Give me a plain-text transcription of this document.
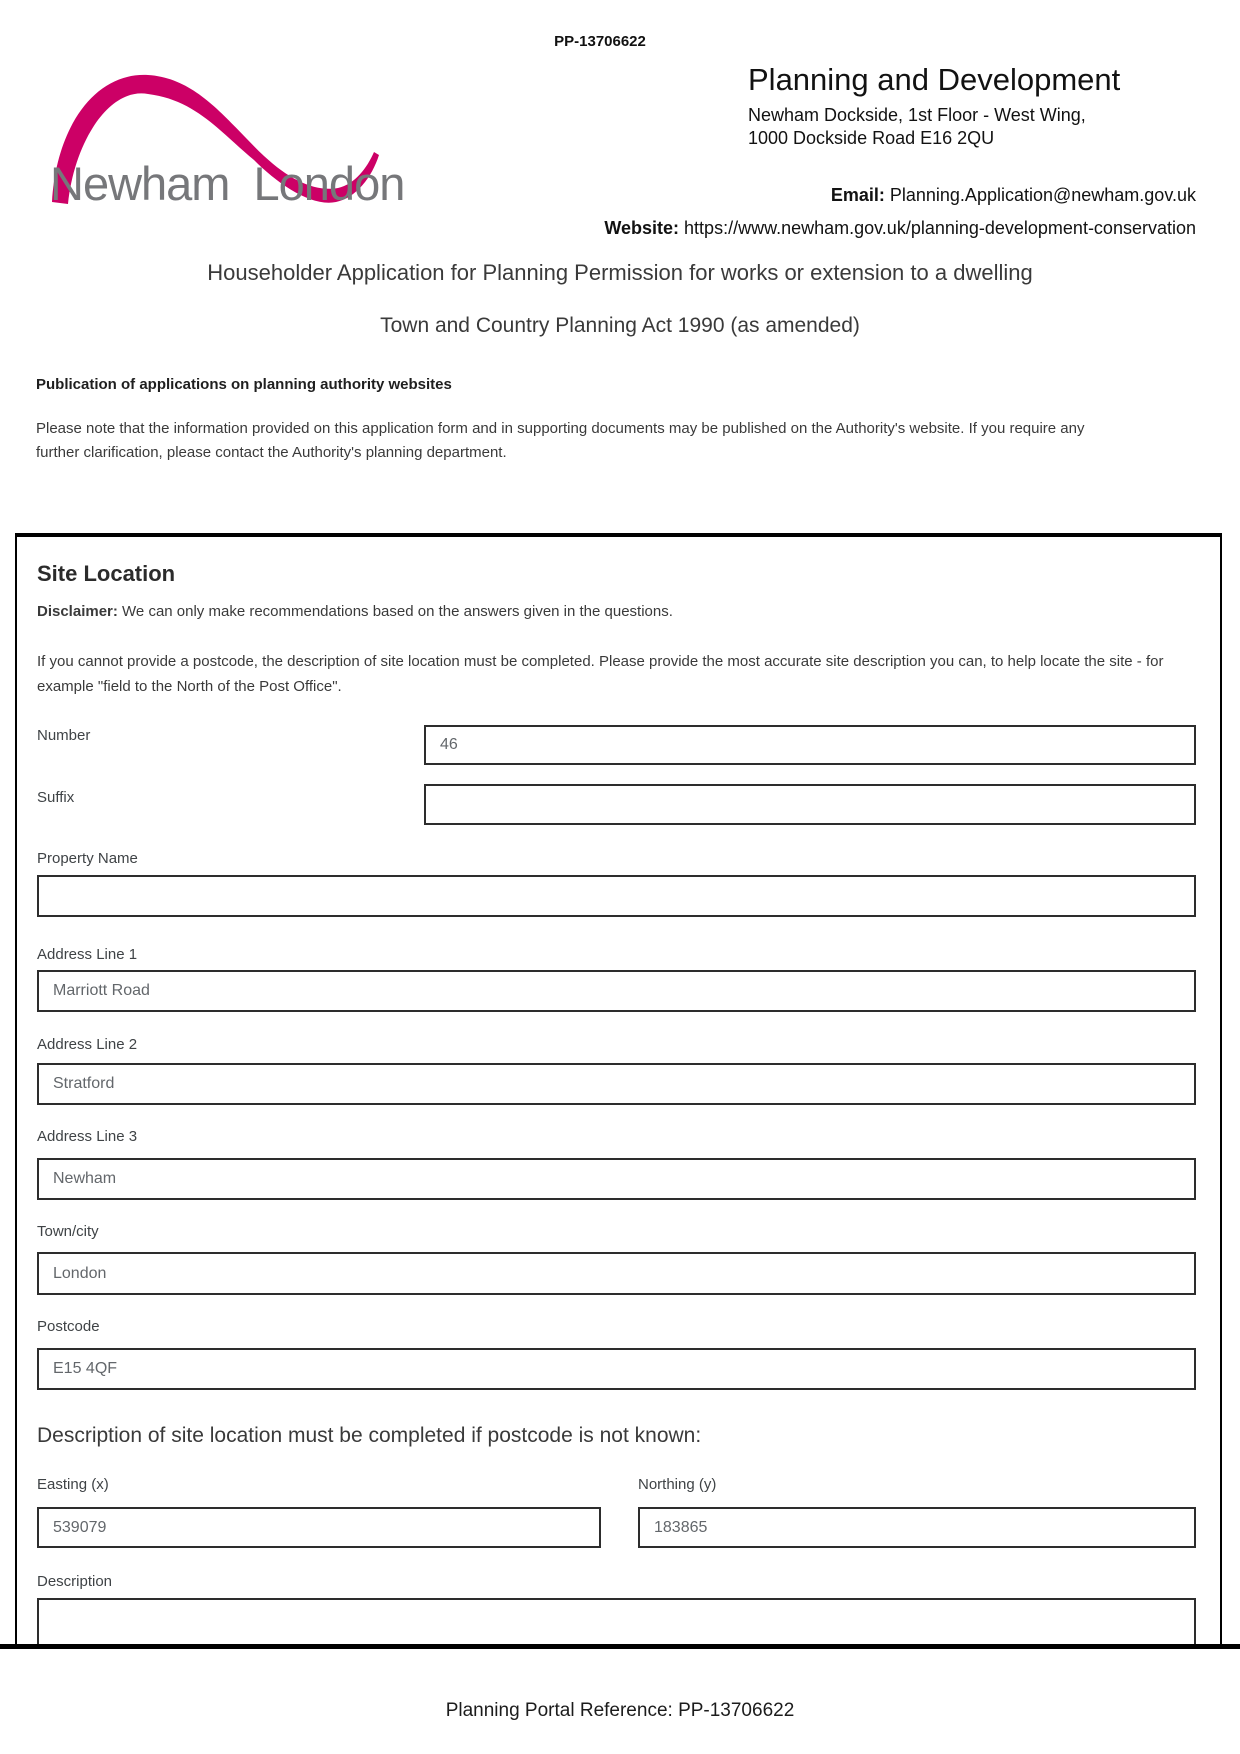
PP-13706622
Newham London
Planning and Development
Newham Dockside, 1st Floor - West Wing,
1000 Dockside Road E16 2QU
Email: Planning.Application@newham.gov.uk
Website: https://www.newham.gov.uk/planning-development-conservation
Householder Application for Planning Permission for works or extension to a dwelling
Town and Country Planning Act 1990 (as amended)
Publication of applications on planning authority websites
Please note that the information provided on this application form and in supporting documents may be published on the Authority's website. If you require any further clarification, please contact the Authority's planning department.
Site Location
Disclaimer: We can only make recommendations based on the answers given in the questions.
If you cannot provide a postcode, the description of site location must be completed. Please provide the most accurate site description you can, to help locate the site - for example "field to the North of the Post Office".
Number
46
Suffix
Property Name
Address Line 1
Marriott Road
Address Line 2
Stratford
Address Line 3
Newham
Town/city
London
Postcode
E15 4QF
Description of site location must be completed if postcode is not known:
Easting (x)
539079	Northing (y)
183865
Description
Planning Portal Reference: PP-13706622
